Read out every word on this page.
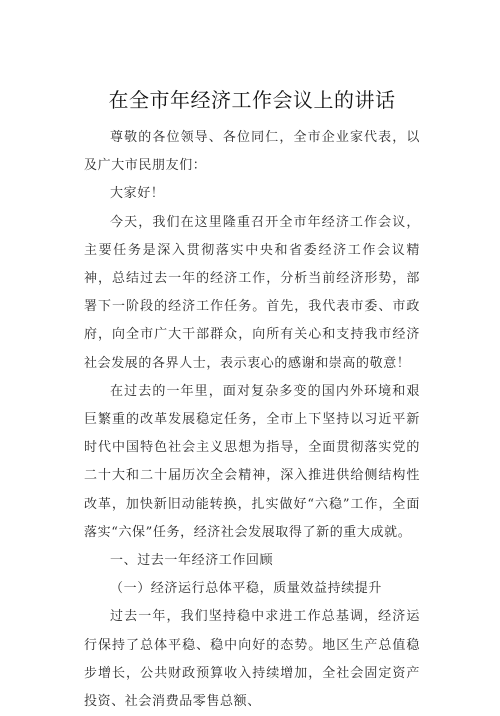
在全市年经济工作会议上的讲话

尊敬的各位领导、各位同仁，全市企业家代表，以及广大市民朋友们：

大家好！

今天，我们在这里隆重召开全市年经济工作会议，主要任务是深入贯彻落实中央和省委经济工作会议精神，总结过去一年的经济工作，分析当前经济形势，部署下一阶段的经济工作任务。首先，我代表市委、市政府，向全市广大干部群众，向所有关心和支持我市经济社会发展的各界人士，表示衷心的感谢和崇高的敬意！

在过去的一年里，面对复杂多变的国内外环境和艰巨繁重的改革发展稳定任务，全市上下坚持以习近平新时代中国特色社会主义思想为指导，全面贯彻落实党的二十大和二十届历次全会精神，深入推进供给侧结构性改革，加快新旧动能转换，扎实做好“六稳”工作，全面落实“六保”任务，经济社会发展取得了新的重大成就。

一、过去一年经济工作回顾

（一）经济运行总体平稳，质量效益持续提升

过去一年，我们坚持稳中求进工作总基调，经济运行保持了总体平稳、稳中向好的态势。地区生产总值稳步增长，公共财政预算收入持续增加，全社会固定资产投资、社会消费品零售总额、
